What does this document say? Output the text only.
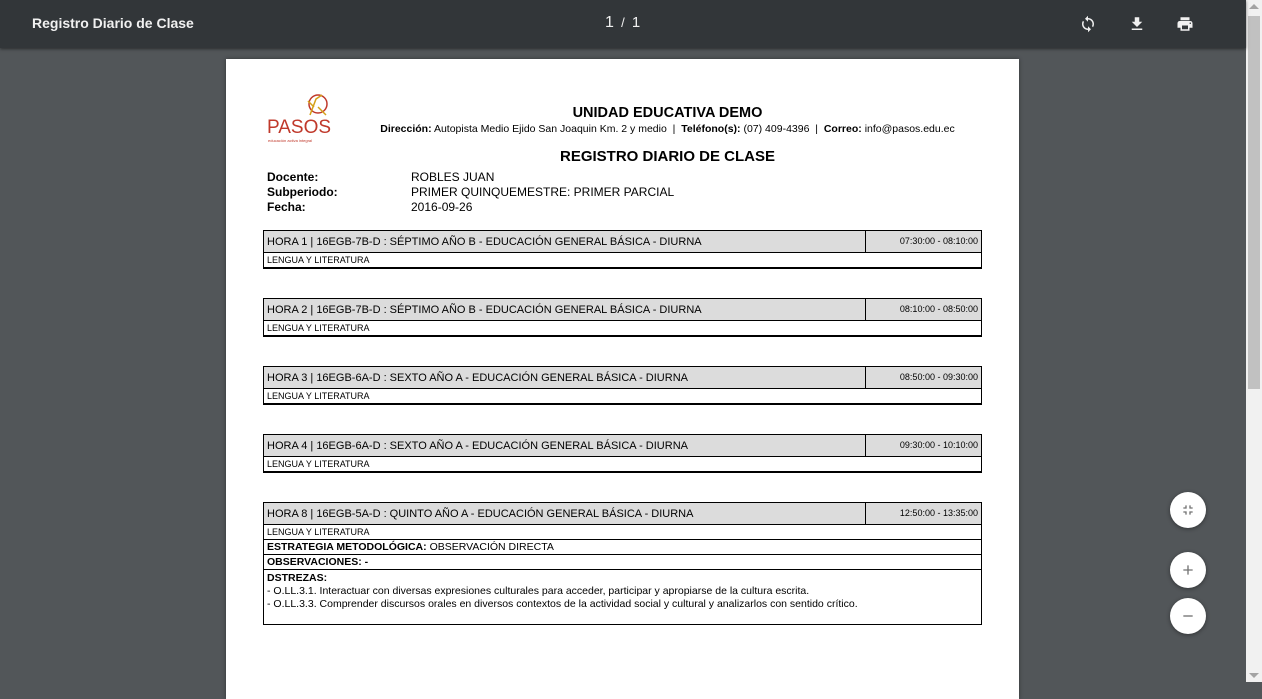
Registro Diario de Clase	1 / 1
PASOS
educación activa integral
UNIDAD EDUCATIVA DEMO
Dirección: Autopista Medio Ejido San Joaquin Km. 2 y medio  |  Teléfono(s): (07) 409-4396  |  Correo: info@pasos.edu.ec
REGISTRO DIARIO DE CLASE
Docente:	ROBLES JUAN
Subperiodo:	PRIMER QUINQUEMESTRE: PRIMER PARCIAL
Fecha:	2016-09-26
HORA 1 | 16EGB-7B-D : SÉPTIMO AÑO B - EDUCACIÓN GENERAL BÁSICA - DIURNA	07:30:00 - 08:10:00
LENGUA Y LITERATURA
HORA 2 | 16EGB-7B-D : SÉPTIMO AÑO B - EDUCACIÓN GENERAL BÁSICA - DIURNA	08:10:00 - 08:50:00
LENGUA Y LITERATURA
HORA 3 | 16EGB-6A-D : SEXTO AÑO A - EDUCACIÓN GENERAL BÁSICA - DIURNA	08:50:00 - 09:30:00
LENGUA Y LITERATURA
HORA 4 | 16EGB-6A-D : SEXTO AÑO A - EDUCACIÓN GENERAL BÁSICA - DIURNA	09:30:00 - 10:10:00
LENGUA Y LITERATURA
HORA 8 | 16EGB-5A-D : QUINTO AÑO A - EDUCACIÓN GENERAL BÁSICA - DIURNA	12:50:00 - 13:35:00
LENGUA Y LITERATURA
ESTRATEGIA METODOLÓGICA: OBSERVACIÓN DIRECTA
OBSERVACIONES: -
DSTREZAS:
- O.LL.3.1. Interactuar con diversas expresiones culturales para acceder, participar y apropiarse de la cultura escrita.
- O.LL.3.3. Comprender discursos orales en diversos contextos de la actividad social y cultural y analizarlos con sentido crítico.
